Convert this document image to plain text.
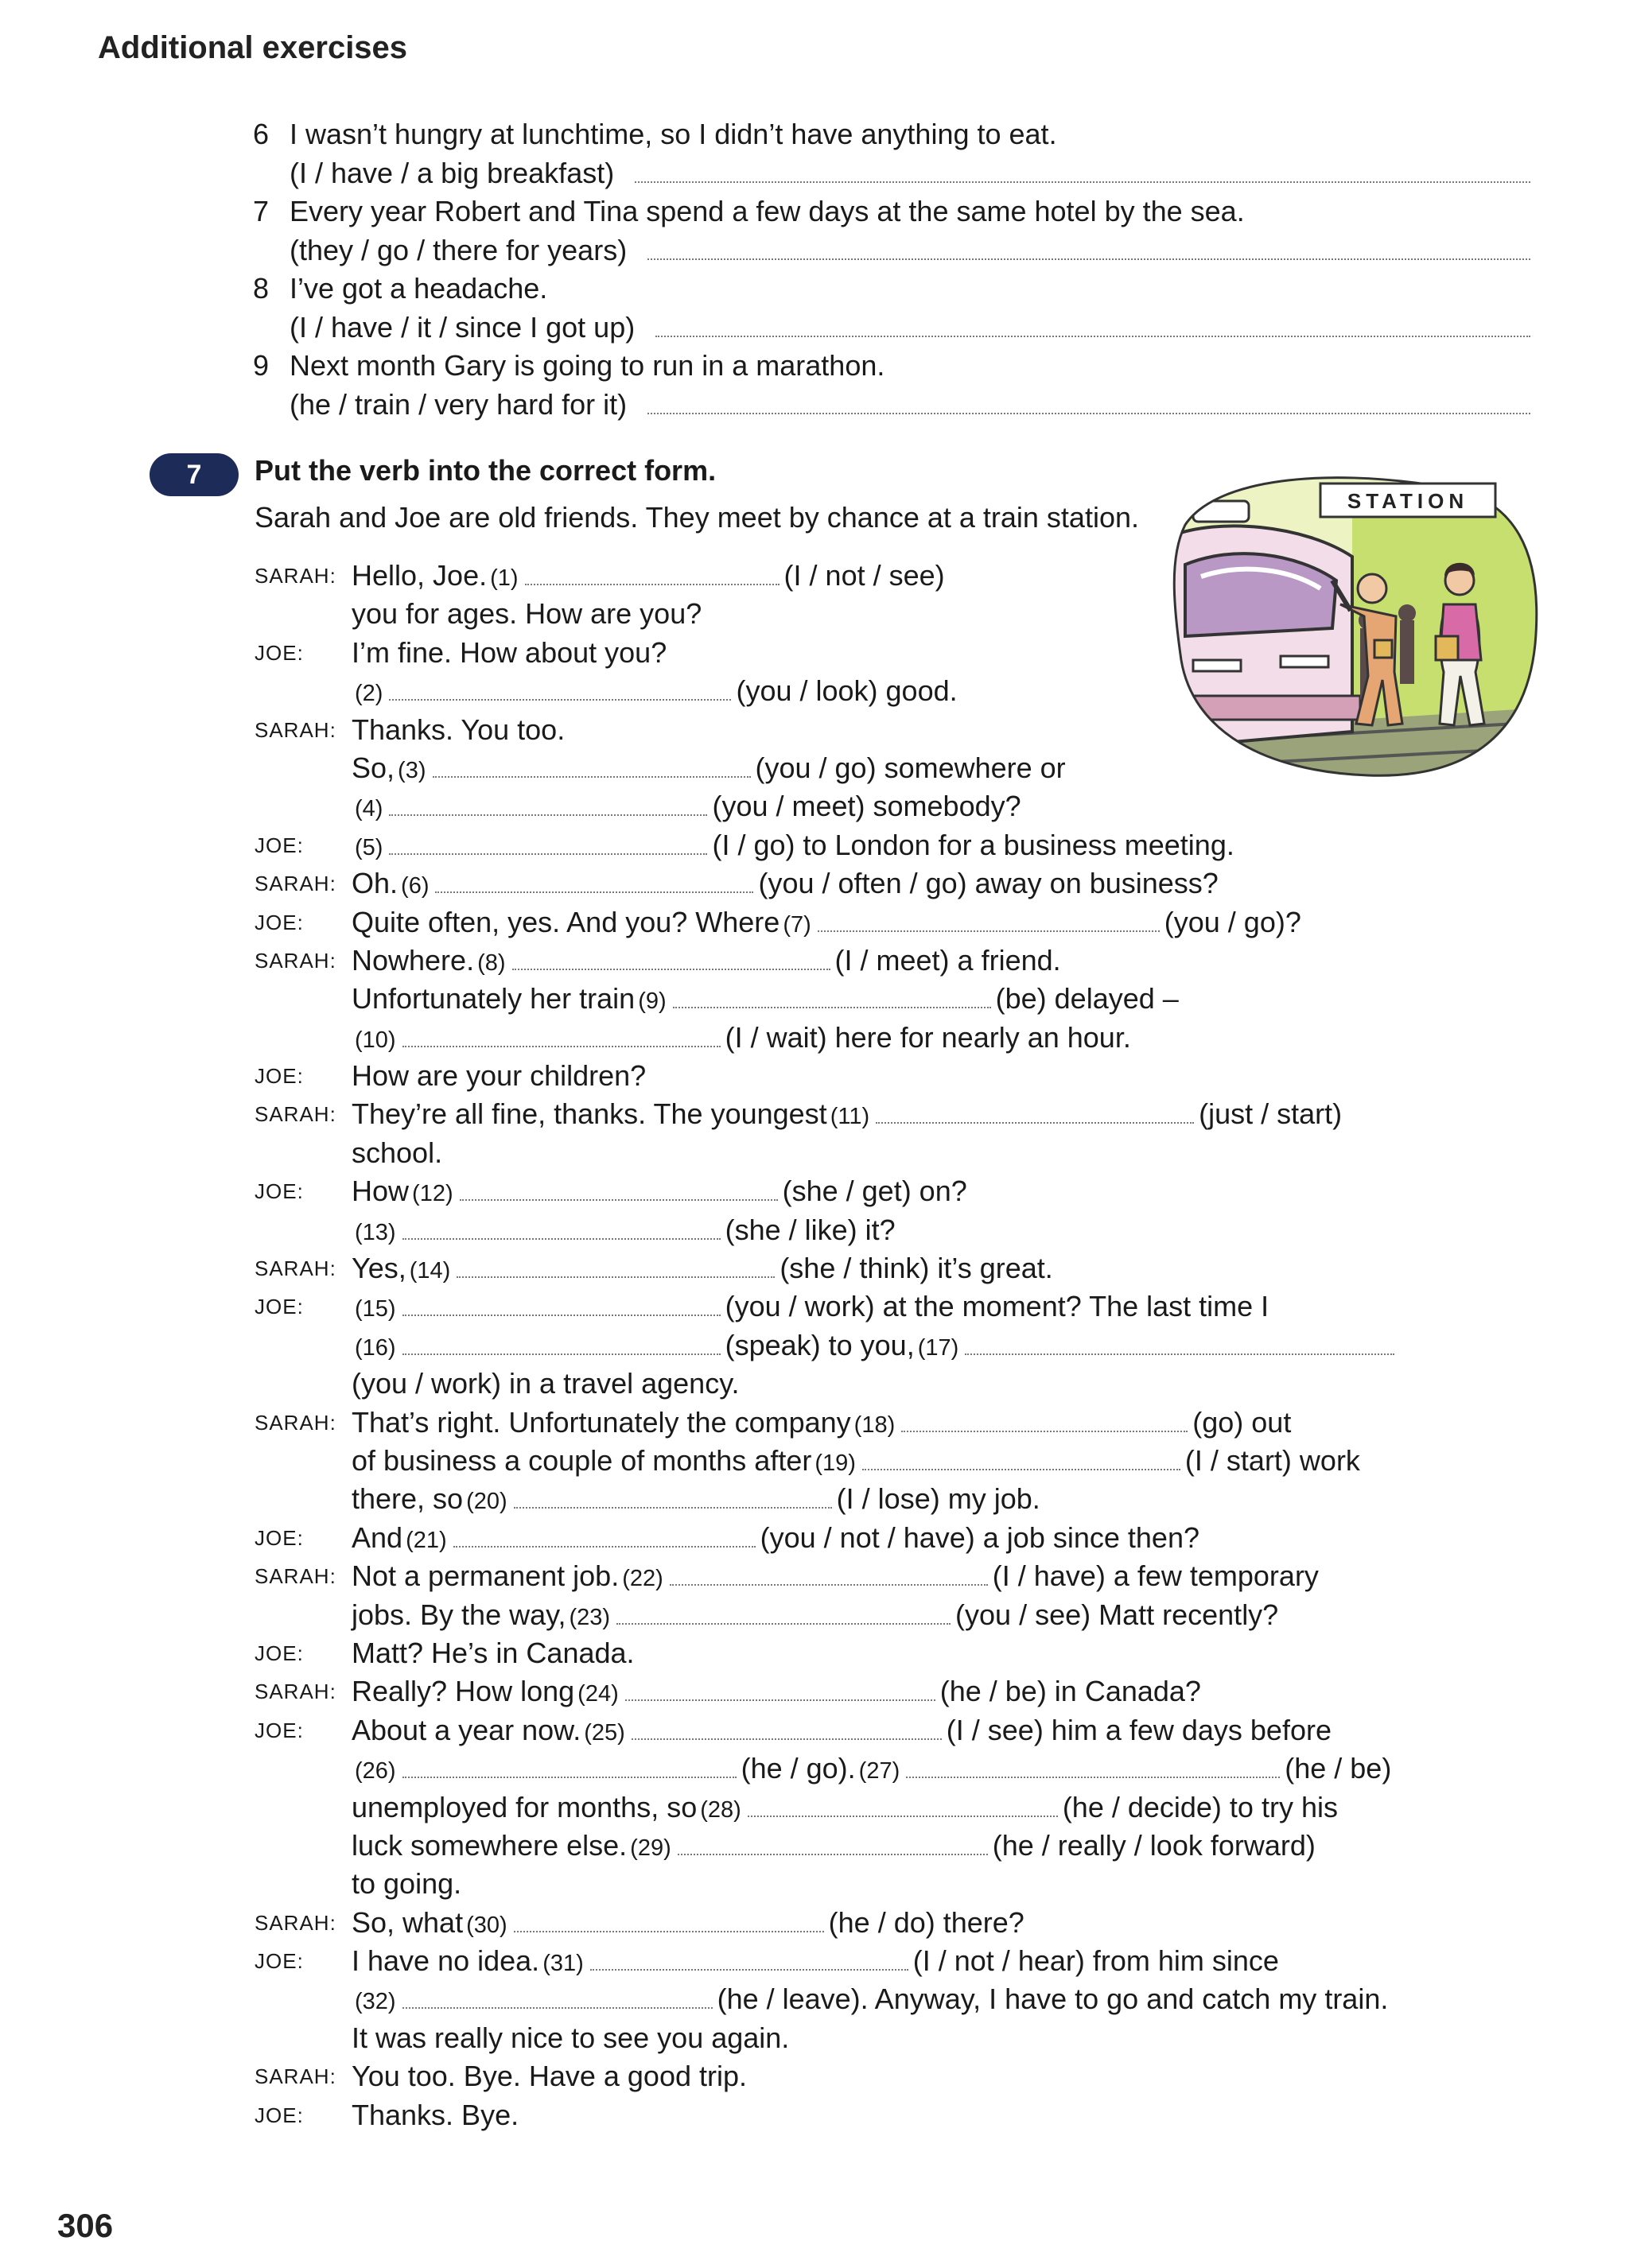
Additional exercises
6 I wasn’t hungry at lunchtime, so I didn’t have anything to eat.
(I / have / a big breakfast)
7 Every year Robert and Tina spend a few days at the same hotel by the sea.
(they / go / there for years)
8 I’ve got a headache.
(I / have / it / since I got up)
9 Next month Gary is going to run in a marathon.
(he / train / very hard for it)
7	Put the verb into the correct form.
Sarah and Joe are old friends. They meet by chance at a train station.	STATION
SARAH: Hello, Joe. (1)	(I / not / see)
you for ages. How are you?
JOE: I’m fine. How about you?
(2)	(you / look) good.
SARAH: Thanks. You too.
So, (3)	(you / go) somewhere or
(4)	(you / meet) somebody?
JOE: (5)	(I / go) to London for a business meeting.
SARAH: Oh. (6)	(you / often / go) away on business?
JOE: Quite often, yes. And you? Where (7)	(you / go)?
SARAH: Nowhere. (8)	(I / meet) a friend.
Unfortunately her train (9)	(be) delayed –
(10)	(I / wait) here for nearly an hour.
JOE: How are your children?
SARAH: They’re all fine, thanks. The youngest (11)	(just / start)
school.
JOE: How (12)	(she / get) on?
(13)	(she / like) it?
SARAH: Yes, (14)	(she / think) it’s great.
JOE: (15)	(you / work) at the moment? The last time I
(16)	(speak) to you, (17)
(you / work) in a travel agency.
SARAH: That’s right. Unfortunately the company (18)	(go) out
of business a couple of months after (19)	(I / start) work
there, so (20)	(I / lose) my job.
JOE: And (21)	(you / not / have) a job since then?
SARAH: Not a permanent job. (22)	(I / have) a few temporary
jobs. By the way, (23)	(you / see) Matt recently?
JOE: Matt? He’s in Canada.
SARAH: Really? How long (24)	(he / be) in Canada?
JOE: About a year now. (25)	(I / see) him a few days before
(26)	(he / go). (27)	(he / be)
unemployed for months, so (28)	(he / decide) to try his
luck somewhere else. (29)	(he / really / look forward)
to going.
SARAH: So, what (30)	(he / do) there?
JOE: I have no idea. (31)	(I / not / hear) from him since
(32)	(he / leave). Anyway, I have to go and catch my train.
It was really nice to see you again.
SARAH: You too. Bye. Have a good trip.
JOE: Thanks. Bye.
306
